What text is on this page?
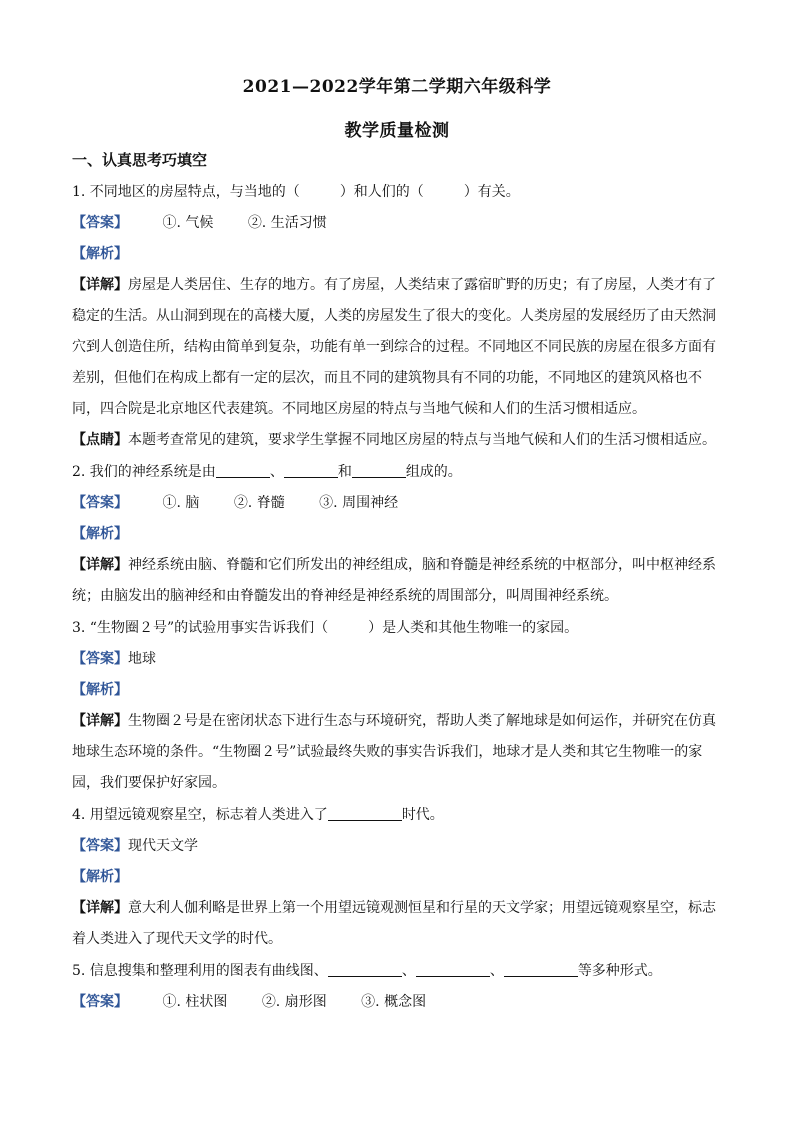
2021—2022学年第二学期六年级科学
教学质量检测
一、认真思考巧填空
1. 不同地区的房屋特点，与当地的（	）和人们的（	）有关。
【答案】 ①. 气候 ②. 生活习惯
【解析】
【详解】房屋是人类居住、生存的地方。有了房屋，人类结束了露宿旷野的历史；有了房屋，人类才有了
稳定的生活。从山洞到现在的高楼大厦，人类的房屋发生了很大的变化。人类房屋的发展经历了由天然洞
穴到人创造住所，结构由简单到复杂，功能有单一到综合的过程。不同地区不同民族的房屋在很多方面有
差别，但他们在构成上都有一定的层次，而且不同的建筑物具有不同的功能，不同地区的建筑风格也不
同，四合院是北京地区代表建筑。不同地区房屋的特点与当地气候和人们的生活习惯相适应。
【点睛】本题考查常见的建筑，要求学生掌握不同地区房屋的特点与当地气候和人们的生活习惯相适应。
2. 我们的神经系统是由	、	和	组成的。
【答案】 ①. 脑 ②. 脊髓 ③. 周围神经
【解析】
【详解】神经系统由脑、脊髓和它们所发出的神经组成，脑和脊髓是神经系统的中枢部分，叫中枢神经系
统；由脑发出的脑神经和由脊髓发出的脊神经是神经系统的周围部分，叫周围神经系统。
3. “生物圈２号”的试验用事实告诉我们（	）是人类和其他生物唯一的家园。
【答案】地球
【解析】
【详解】生物圈２号是在密闭状态下进行生态与环境研究，帮助人类了解地球是如何运作，并研究在仿真
地球生态环境的条件。“生物圈２号”试验最终失败的事实告诉我们，地球才是人类和其它生物唯一的家
园，我们要保护好家园。
4. 用望远镜观察星空，标志着人类进入了	时代。
【答案】现代天文学
【解析】
【详解】意大利人伽利略是世界上第一个用望远镜观测恒星和行星的天文学家；用望远镜观察星空，标志
着人类进入了现代天文学的时代。
5. 信息搜集和整理利用的图表有曲线图、	、	、	等多种形式。
【答案】 ①. 柱状图 ②. 扇形图 ③. 概念图
